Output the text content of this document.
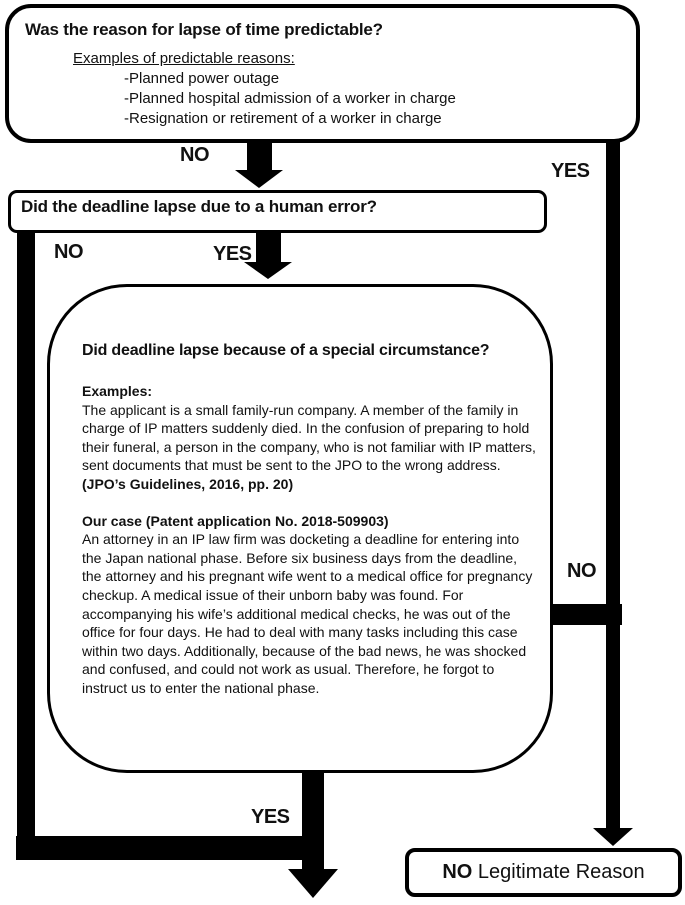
Was the reason for lapse of time predictable?
Examples of predictable reasons:
-Planned power outage
-Planned hospital admission of a worker in charge
-Resignation or retirement of a worker in charge
NO
YES
Did the deadline lapse due to a human error?
NO	YES
Did deadline lapse because of a special circumstance?
Examples:
The applicant is a small family-run company. A member of the family in charge of IP matters suddenly died. In the confusion of preparing to hold their funeral, a person in the company, who is not familiar with IP matters, sent documents that must be sent to the JPO to the wrong address. (JPO’s Guidelines, 2016, pp. 20)
Our case (Patent application No. 2018-509903)
An attorney in an IP law firm was docketing a deadline for entering into the Japan national phase. Before six business days from the deadline, the attorney and his pregnant wife went to a medical office for pregnancy checkup. A medical issue of their unborn baby was found. For accompanying his wife’s additional medical checks, he was out of the office for four days. He had to deal with many tasks including this case within two days. Additionally, because of the bad news, he was shocked and confused, and could not work as usual. Therefore, he forgot to instruct us to enter the national phase.
NO
YES
NO Legitimate Reason
